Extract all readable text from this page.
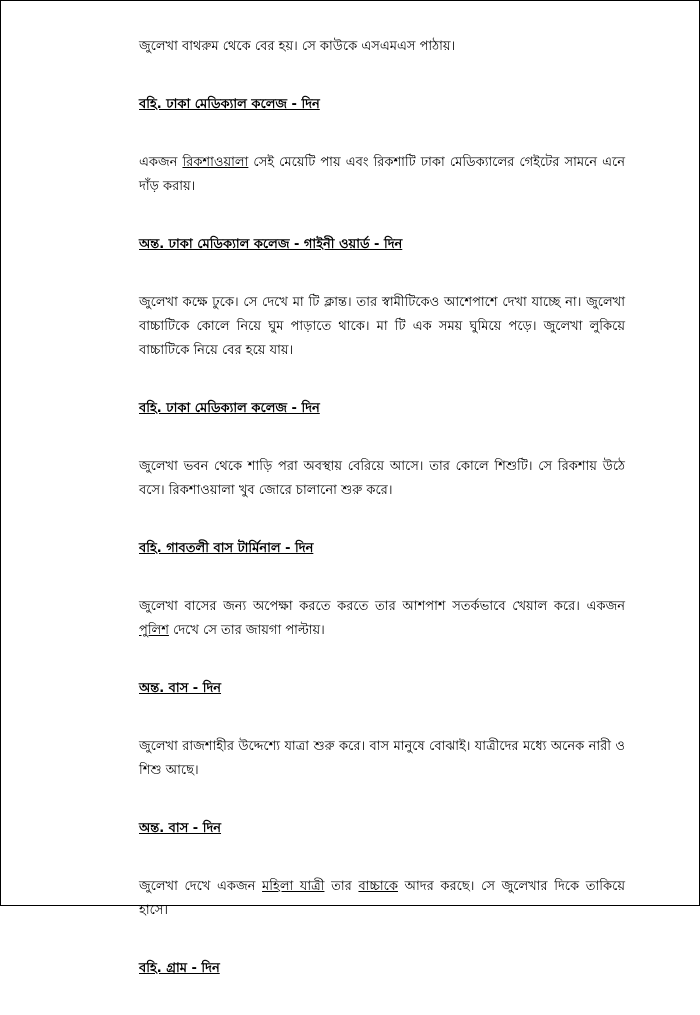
জুলেখা বাথরুম থেকে বের হয়। সে কাউকে এসএমএস পাঠায়।

বহি. ঢাকা মেডিক্যাল কলেজ - দিন

একজন রিকশাওয়ালা সেই মেয়েটি পায় এবং রিকশাটি ঢাকা মেডিক্যালের গেইটের সামনে এনে দাঁড় করায়।

অন্ত. ঢাকা মেডিক্যাল কলেজ - গাইনী ওয়ার্ড - দিন

জুলেখা কক্ষে ঢুকে। সে দেখে মা টি ক্লান্ত। তার স্বামীটিকেও আশেপাশে দেখা যাচ্ছে না। জুলেখা বাচ্চাটিকে কোলে নিয়ে ঘুম পাড়াতে থাকে। মা টি এক সময় ঘুমিয়ে পড়ে। জুলেখা লুকিয়ে বাচ্চাটিকে নিয়ে বের হয়ে যায়।

বহি. ঢাকা মেডিক্যাল কলেজ - দিন

জুলেখা ভবন থেকে শাড়ি পরা অবস্থায় বেরিয়ে আসে। তার কোলে শিশুটি। সে রিকশায় উঠে বসে। রিকশাওয়ালা খুব জোরে চালানো শুরু করে।

বহি. গাবতলী বাস টার্মিনাল - দিন

জুলেখা বাসের জন্য অপেক্ষা করতে করতে তার আশপাশ সতর্কভাবে খেয়াল করে। একজন পুলিশ দেখে সে তার জায়গা পাল্টায়।

অন্ত. বাস - দিন

জুলেখা রাজশাহীর উদ্দেশ্যে যাত্রা শুরু করে। বাস মানুষে বোঝাই। যাত্রীদের মধ্যে অনেক নারী ও শিশু আছে।

অন্ত. বাস - দিন

জুলেখা দেখে একজন মহিলা যাত্রী তার বাচ্চাকে আদর করছে। সে জুলেখার দিকে তাকিয়ে হাসে।

বহি. গ্রাম - দিন
